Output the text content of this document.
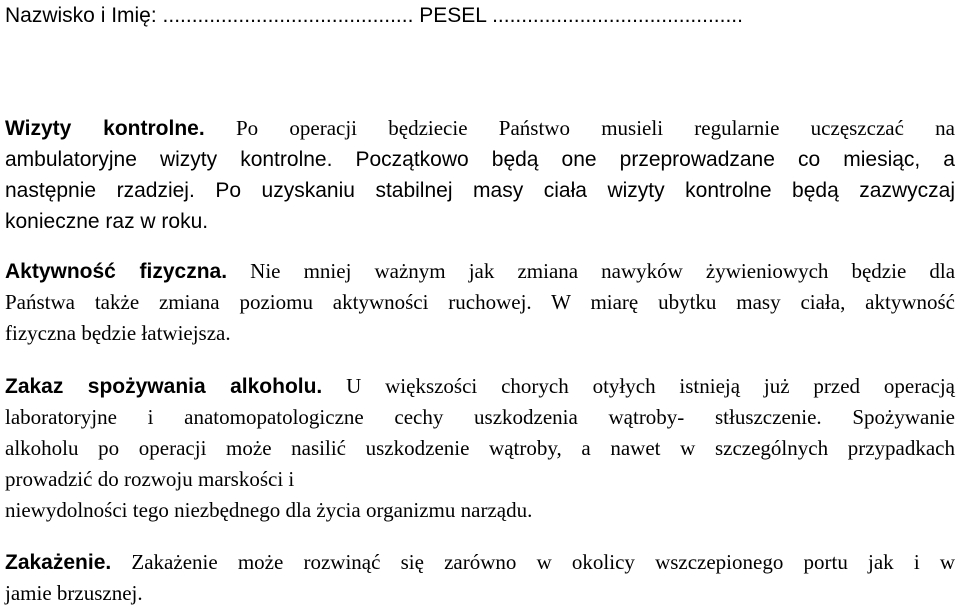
Nazwisko i Imię: ........................................... PESEL ...........................................
Wizyty kontrolne. Po operacji będziecie Państwo musieli regularnie uczęszczać na
ambulatoryjne wizyty kontrolne. Początkowo będą one przeprowadzane co miesiąc, a
następnie rzadziej. Po uzyskaniu stabilnej masy ciała wizyty kontrolne będą zazwyczaj
konieczne raz w roku.
Aktywność fizyczna. Nie mniej ważnym jak zmiana nawyków żywieniowych będzie dla
Państwa także zmiana poziomu aktywności ruchowej. W miarę ubytku masy ciała, aktywność
fizyczna będzie łatwiejsza.
Zakaz spożywania alkoholu. U większości chorych otyłych istnieją już przed operacją
laboratoryjne i anatomopatologiczne cechy uszkodzenia wątroby- stłuszczenie. Spożywanie
alkoholu po operacji może nasilić uszkodzenie wątroby, a nawet w szczególnych przypadkach
prowadzić do rozwoju marskości i
niewydolności tego niezbędnego dla życia organizmu narządu.
Zakażenie. Zakażenie może rozwinąć się zarówno w okolicy wszczepionego portu jak i w
jamie brzusznej.
